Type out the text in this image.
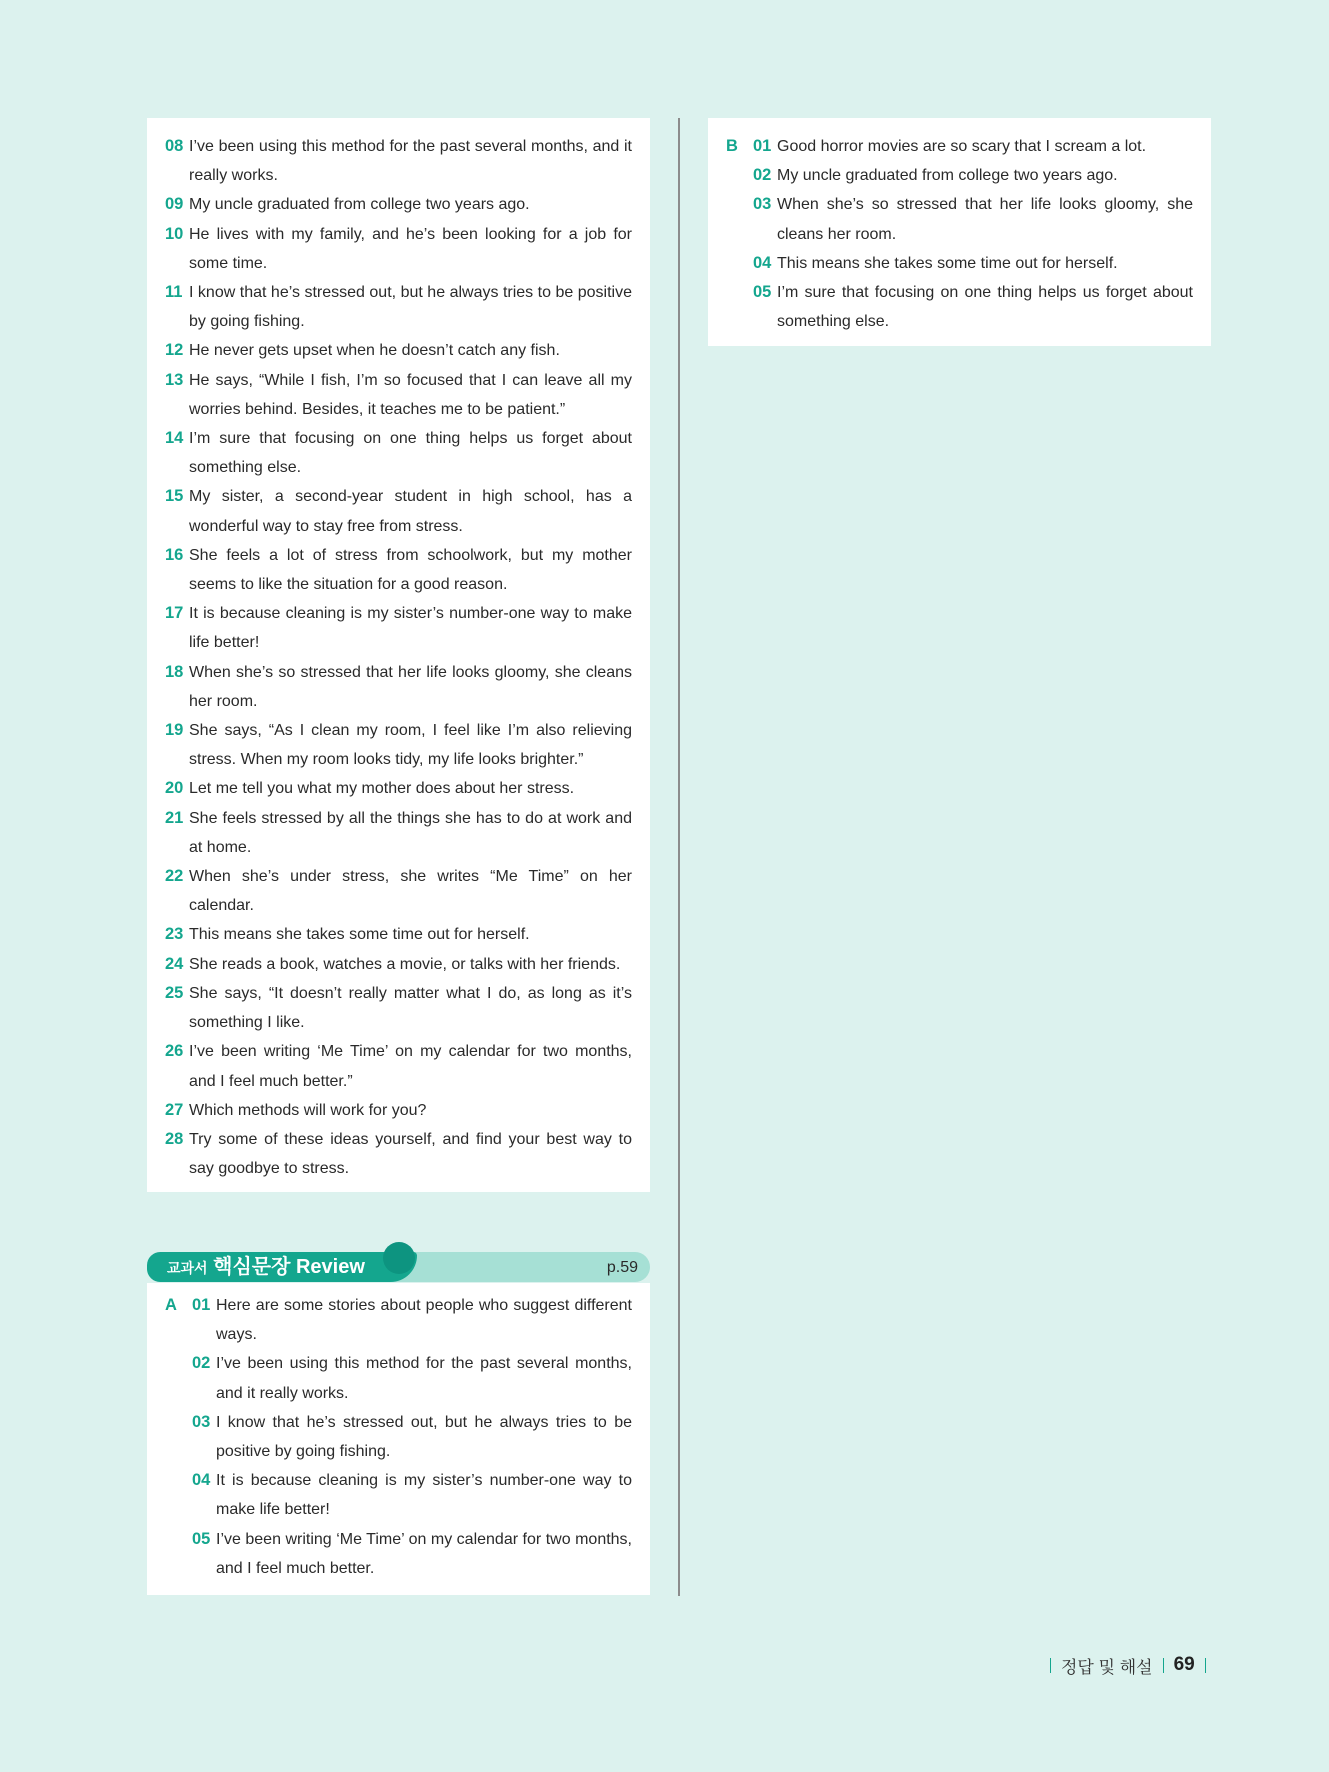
08 I’ve been using this method for the past several months, and it really works.
09 My uncle graduated from college two years ago.
10 He lives with my family, and he’s been looking for a job for some time.
11 I know that he’s stressed out, but he always tries to be positive by going fishing.
12 He never gets upset when he doesn’t catch any fish.
13 He says, “While I fish, I’m so focused that I can leave all my worries behind. Besides, it teaches me to be patient.”
14 I’m sure that focusing on one thing helps us forget about something else.
15 My sister, a second-year student in high school, has a wonderful way to stay free from stress.
16 She feels a lot of stress from schoolwork, but my mother seems to like the situation for a good reason.
17 It is because cleaning is my sister’s number-one way to make life better!
18 When she’s so stressed that her life looks gloomy, she cleans her room.
19 She says, “As I clean my room, I feel like I’m also relieving stress. When my room looks tidy, my life looks brighter.”
20 Let me tell you what my mother does about her stress.
21 She feels stressed by all the things she has to do at work and at home.
22 When she’s under stress, she writes “Me Time” on her calendar.
23 This means she takes some time out for herself.
24 She reads a book, watches a movie, or talks with her friends.
25 She says, “It doesn’t really matter what I do, as long as it’s something I like.
26 I’ve been writing ‘Me Time’ on my calendar for two months, and I feel much better.”
27 Which methods will work for you?
28 Try some of these ideas yourself, and find your best way to say goodbye to stress.
B 01 Good horror movies are so scary that I scream a lot.
02 My uncle graduated from college two years ago.
03 When she’s so stressed that her life looks gloomy, she cleans her room.
04 This means she takes some time out for herself.
05 I’m sure that focusing on one thing helps us forget about something else.
교과서 핵심문장 Review	p.59
A 01 Here are some stories about people who suggest different ways.
02 I’ve been using this method for the past several months, and it really works.
03 I know that he’s stressed out, but he always tries to be positive by going fishing.
04 It is because cleaning is my sister’s number-one way to make life better!
05 I’ve been writing ‘Me Time’ on my calendar for two months, and I feel much better.
정답 및 해설 69
